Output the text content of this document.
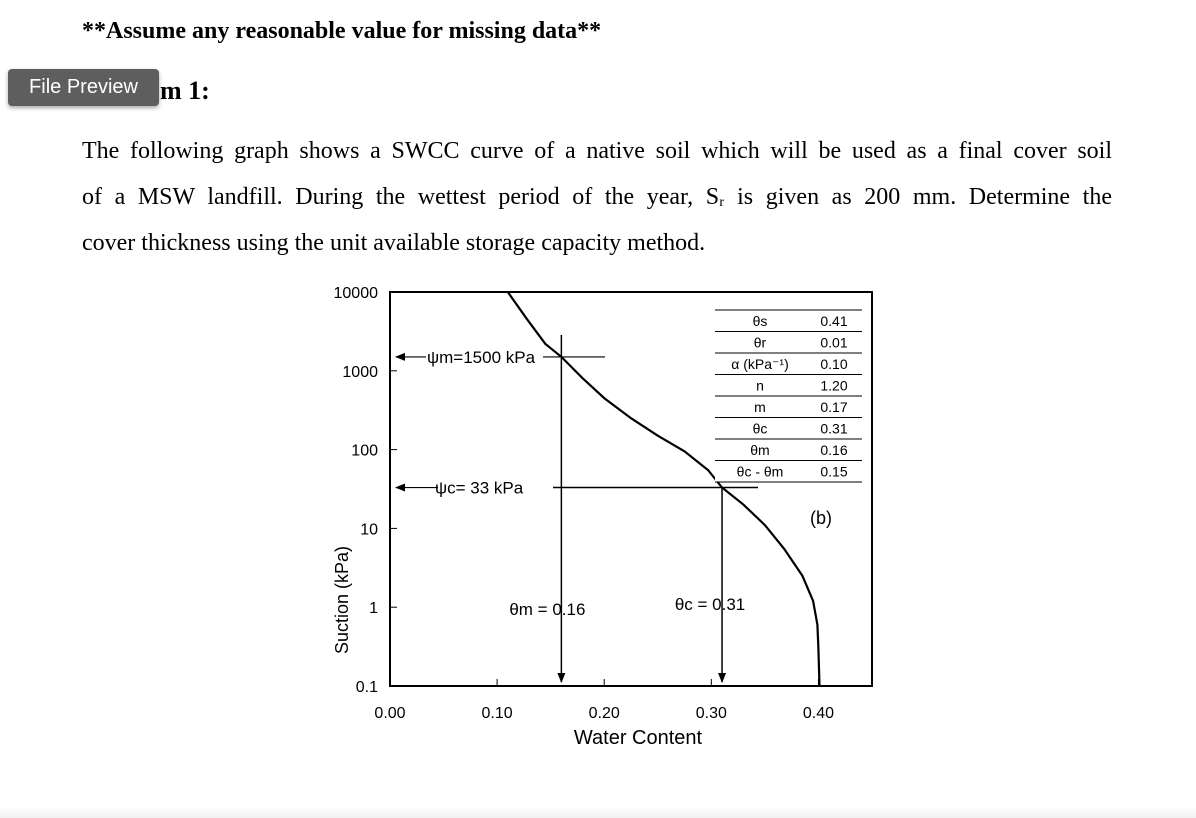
**Assume any reasonable value for missing data**
File Preview m 1:
The following graph shows a SWCC curve of a native soil which will be used as a final cover soil
of a MSW landfill. During the wettest period of the year, Sᵣ is given as 200 mm. Determine the
cover thickness using the unit available storage capacity method.
10000
1000
100
10
1
0.1
0.00	0.10	0.20	0.30	0.40
Water Content
Suction (kPa)
ψm=1500 kPa
ψc= 33 kPa
θm = 0.16	θc = 0.31
θs	0.41
θr	0.01
α (kPa⁻¹) 0.10
n	1.20
m	0.17
θc	0.31
θm	0.16
θc - θm	0.15
(b)
